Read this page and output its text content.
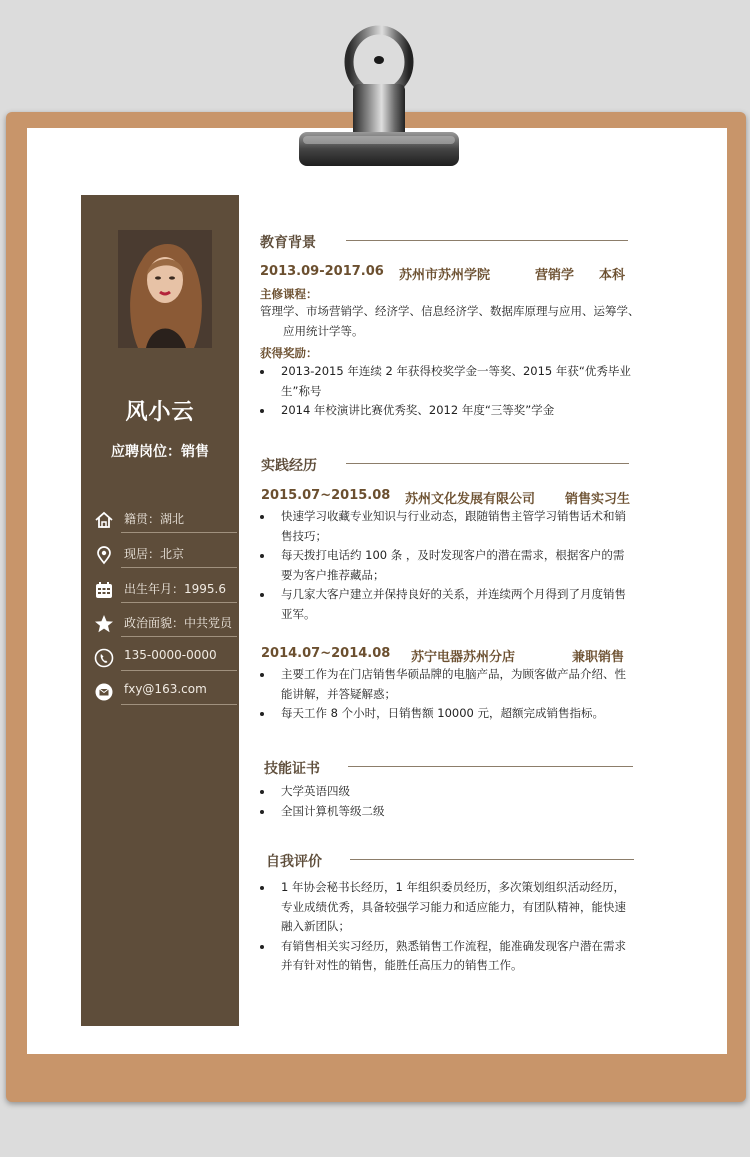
风小云
应聘岗位：销售
籍贯：湖北
现居：北京
出生年月：1995.6
政治面貌：中共党员
135-0000-0000
fxy@163.com
教育背景
2013.09-2017.06 苏州市苏州学院	营销学 本科
主修课程：
管理学、市场营销学、经济学、信息经济学、数据库原理与应用、运筹学、
应用统计学等。
获得奖励：
2013-2015 年连续 2 年获得校奖学金一等奖、2015 年获“优秀毕业生”称号
2014 年校演讲比赛优秀奖、2012 年度“三等奖”学金
实践经历
2015.07~2015.08 苏州文化发展有限公司 销售实习生
快速学习收藏专业知识与行业动态，跟随销售主管学习销售话术和销售技巧；
每天拨打电话约 100 条 ，及时发现客户的潜在需求，根据客户的需要为客户推荐藏品；
与几家大客户建立并保持良好的关系，并连续两个月得到了月度销售亚军。
2014.07~2014.08 苏宁电器苏州分店	兼职销售
主要工作为在门店销售华硕品牌的电脑产品，为顾客做产品介绍、性能讲解，并答疑解惑；
每天工作 8 个小时，日销售额 10000 元，超额完成销售指标。
技能证书
大学英语四级
全国计算机等级二级
自我评价
1 年协会秘书长经历，1 年组织委员经历，多次策划组织活动经历，专业成绩优秀，具备较强学习能力和适应能力，有团队精神，能快速融入新团队；
有销售相关实习经历，熟悉销售工作流程，能准确发现客户潜在需求并有针对性的销售，能胜任高压力的销售工作。
